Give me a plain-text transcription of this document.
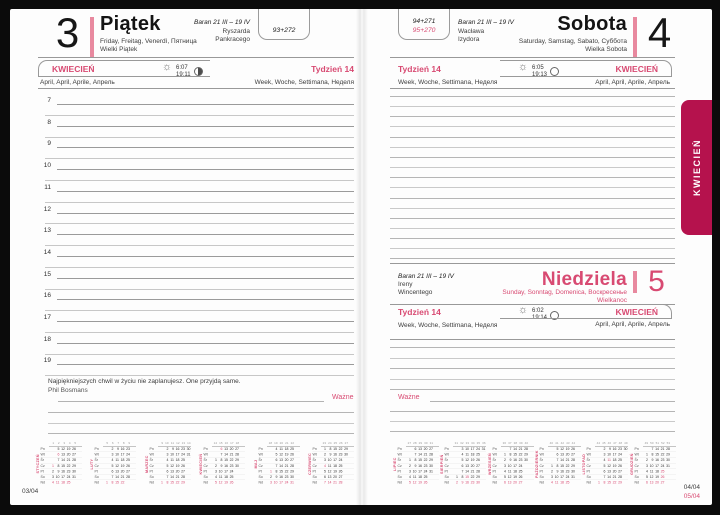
3	Piątek
Friday, Freitag, Venerdì, Пятница
Wielki Piątek
Baran 21 III – 19 IV
Ryszarda
Pankracego
93+272
KWIECIEŃ
April, April, Aprile, Апрель
☼ 6:07
19:11
Tydzień 14
Week, Woche, Settimana, Неделя
7
8
9
10
11
12
13
14
15
16
17
18
19
Najpiękniejszych chwil w życiu nie zaplanujesz. One przyjdą same.
Phil Bosmans
Ważne
STYCZEŃ
1 2 3 4 5
Pn	5 12 19 26
Wt	6 13 20 27
Śr	7 14 21 28
Cz	1 8 15 22 29
Pt	2 9 16 23 30
So	3 10 17 24 31
Nd	4 11 18 25
LUTY
5 6 7 8 9
Pn	2 9 16 23
Wt	3 10 17 24
Śr	4 11 18 25
Cz	5 12 19 26
Pt	6 13 20 27
So	7 14 21 28
Nd	1 8 15 22
MARZEC
9 10 11 12 13 14
Pn	2 9 16 23 30
Wt	3 10 17 24 31
Śr	4 11 18 25
Cz	5 12 19 26
Pt	6 13 20 27
So	7 14 21 28
Nd	1 8 15 22 29
KWIECIEŃ
14 15 16 17 18
Pn	6 13 20 27
Wt	7 14 21 28
Śr	1 8 15 22 29
Cz	2 9 16 23 30
Pt	3 10 17 24
So	4 11 18 25
Nd	5 12 19 26
MAJ
18 19 20 21 22
Pn	4 11 18 25
Wt	5 12 19 26
Śr	6 13 20 27
Cz	7 14 21 28
Pt	1 8 15 22 29
So	2 9 16 23 30
Nd	3 10 17 24 31
CZERWIEC
23 24 25 26 27
Pn	1 8 15 22 29
Wt	2 9 16 23 30
Śr	3 10 17 24
Cz	4 11 18 25
Pt	5 12 19 26
So	6 13 20 27
Nd	7 14 21 28
03/04
94+271
95+270
Baran 21 III – 19 IV
Wacława
Izydora
Sobota 4
Saturday, Samstag, Sabato, Суббота
Wielka Sobota
Tydzień 14
Week, Woche, Settimana, Неделя
☼ 6:05
19:13
KWIECIEŃ
April, April, Aprile, Апрель
Baran 21 III – 19 IV
Ireny
Wincentego
Niedziela 5
Sunday, Sonntag, Domenica, Воскресенье
Wielkanoc
Tydzień 14
Week, Woche, Settimana, Неделя
☼ 6:02
19:14
KWIECIEŃ
April, April, Aprile, Апрель
Ważne
LIPIEC
27 28 29 30 31
Pn	6 13 20 27
Wt	7 14 21 28
Śr	1 8 15 22 29
Cz	2 9 16 23 30
Pt	3 10 17 24 31
So	4 11 18 25
Nd	5 12 19 26
SIERPIEŃ
31 32 33 34 35 36
Pn	3 10 17 24 31
Wt	4 11 18 25
Śr	5 12 19 26
Cz	6 13 20 27
Pt	7 14 21 28
So	1 8 15 22 29
Nd	2 9 16 23 30
WRZESIEŃ
36 37 38 39 40
Pn	7 14 21 28
Wt	1 8 15 22 29
Śr	2 9 16 23 30
Cz	3 10 17 24
Pt	4 11 18 25
So	5 12 19 26
Nd	6 13 20 27
PAŹDZIERNIK
40 41 42 43 44
Pn	5 12 19 26
Wt	6 13 20 27
Śr	7 14 21 28
Cz	1 8 15 22 29
Pt	2 9 16 23 30
So	3 10 17 24 31
Nd	4 11 18 25
LISTOPAD
44 45 46 47 48 49
Pn	2 9 16 23 30
Wt	3 10 17 24
Śr	4 11 18 25
Cz	5 12 19 26
Pt	6 13 20 27
So	7 14 21 28
Nd	1 8 15 22 29
GRUDZIEŃ
49 50 51 52 53
Pn	7 14 21 28
Wt	1 8 15 22 29
Śr	2 9 16 23 30
Cz	3 10 17 24 31
Pt	4 11 18 25
So	5 12 19 26
Nd	6 13 20 27
04/04
05/04
KWIECIEŃ
